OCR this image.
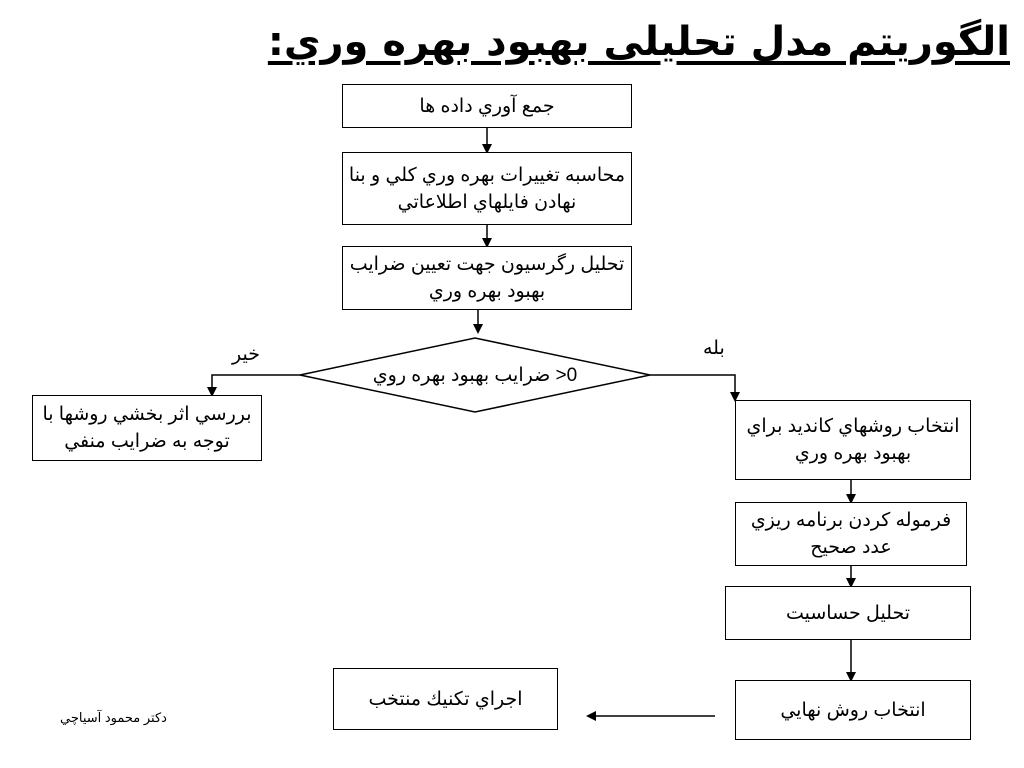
الگوريتم مدل تحليلی بهبود بهره وري:
جمع آوري داده ها
محاسبه تغييرات بهره وري كلي و بنا نهادن فايلهاي اطلاعاتي
تحليل رگرسيون جهت تعيين ضرايب بهبود بهره وري
0< ضرايب بهبود بهره روي
خير	بله
بررسي اثر بخشي روشها با توجه به ضرايب منفي
انتخاب روشهاي كانديد براي بهبود بهره وري
فرموله كردن برنامه ريزي عدد صحيح
تحليل حساسيت
انتخاب روش نهايي
اجراي تكنيك منتخب
دكتر محمود آسياچي
